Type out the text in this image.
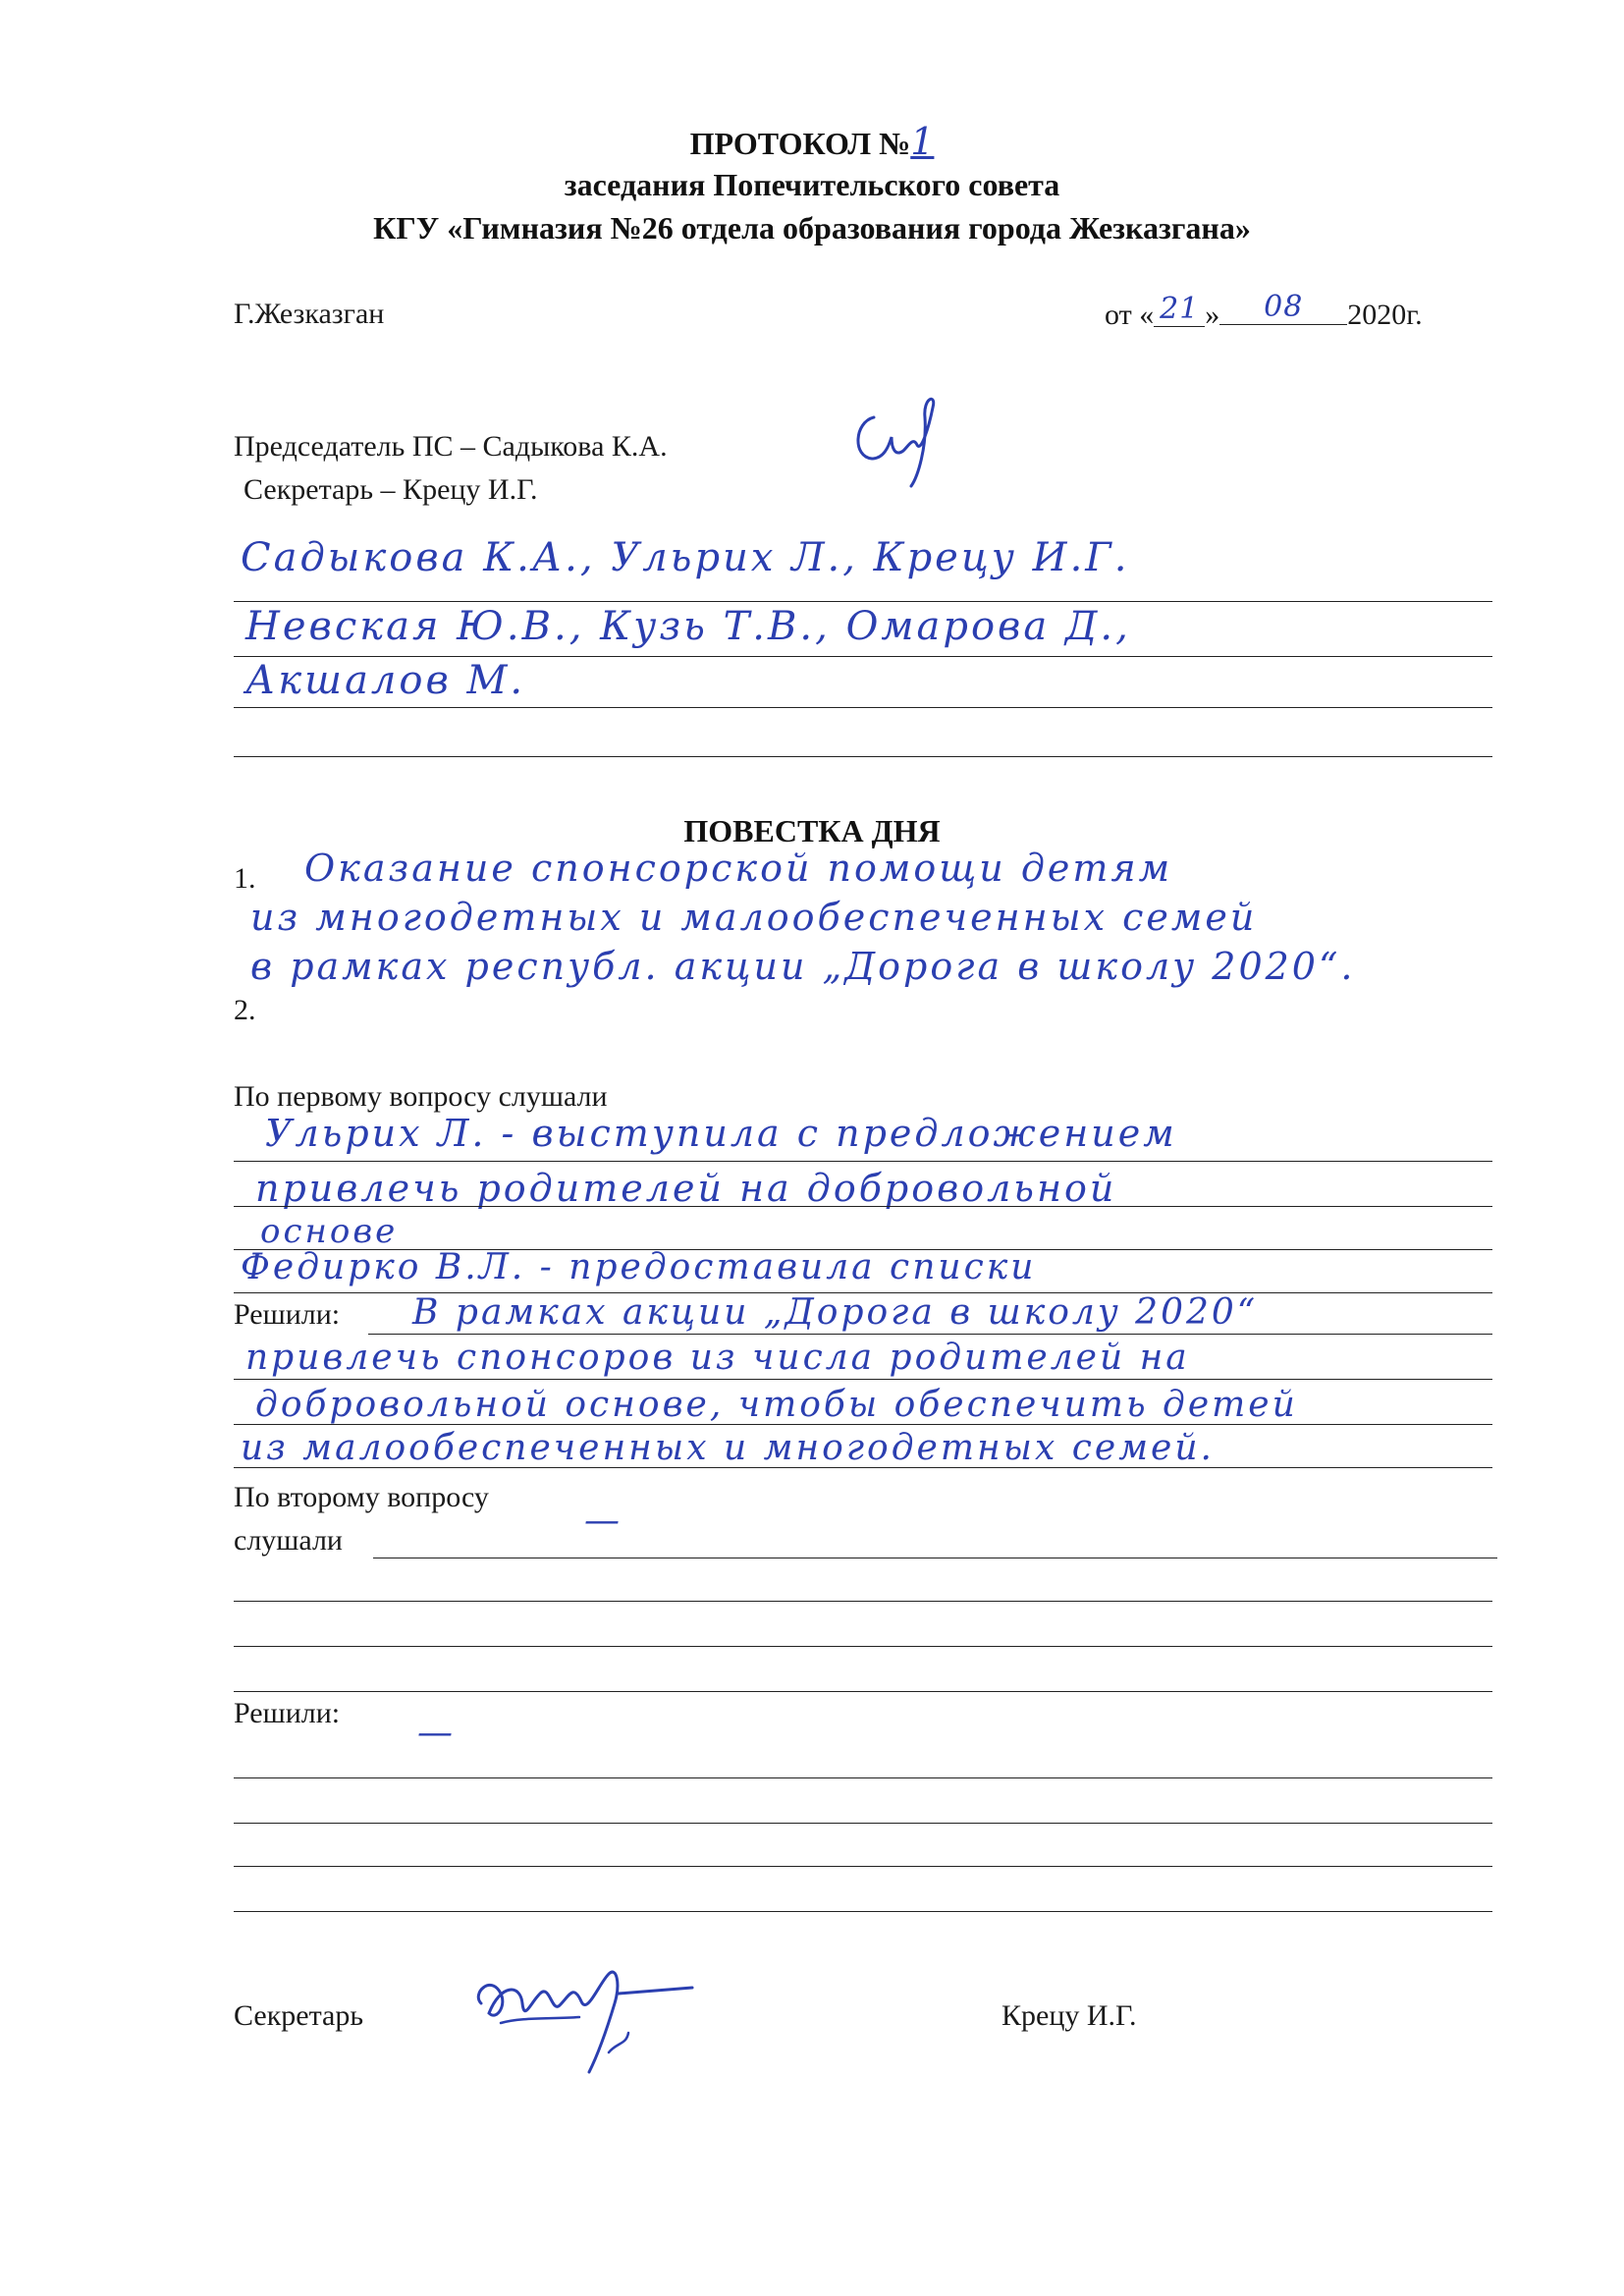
ПРОТОКОЛ №1
заседания Попечительского совета
КГУ «Гимназия №26 отдела образования города Жезказгана»
Г.Жезказган	от « 21 » 08 2020г.
Председатель ПС – Садыкова К.А.
Секретарь – Крецу И.Г.
Садыкова К.А., Ульрих Л., Крецу И.Г.
Невская Ю.В., Кузь Т.В., Омарова Д.,
Акшалов М.
ПОВЕСТКА ДНЯ
1. Оказание спонсорской помощи детям
из многодетных и малообеспеченных семей
в рамках республ. акции „Дорога в школу 2020“.
2.
По первому вопросу слушали
Ульрих Л. - выступила с предложением
привлечь родителей на добровольной
основе
Федирко В.Л. - предоставила списки
Решили: В рамках акции „Дорога в школу 2020“
привлечь спонсоров из числа родителей на
добровольной основе, чтобы обеспечить детей
из малообеспеченных и многодетных семей.
По второму вопросу
слушали	—
Решили: —
Секретарь	Крецу И.Г.
